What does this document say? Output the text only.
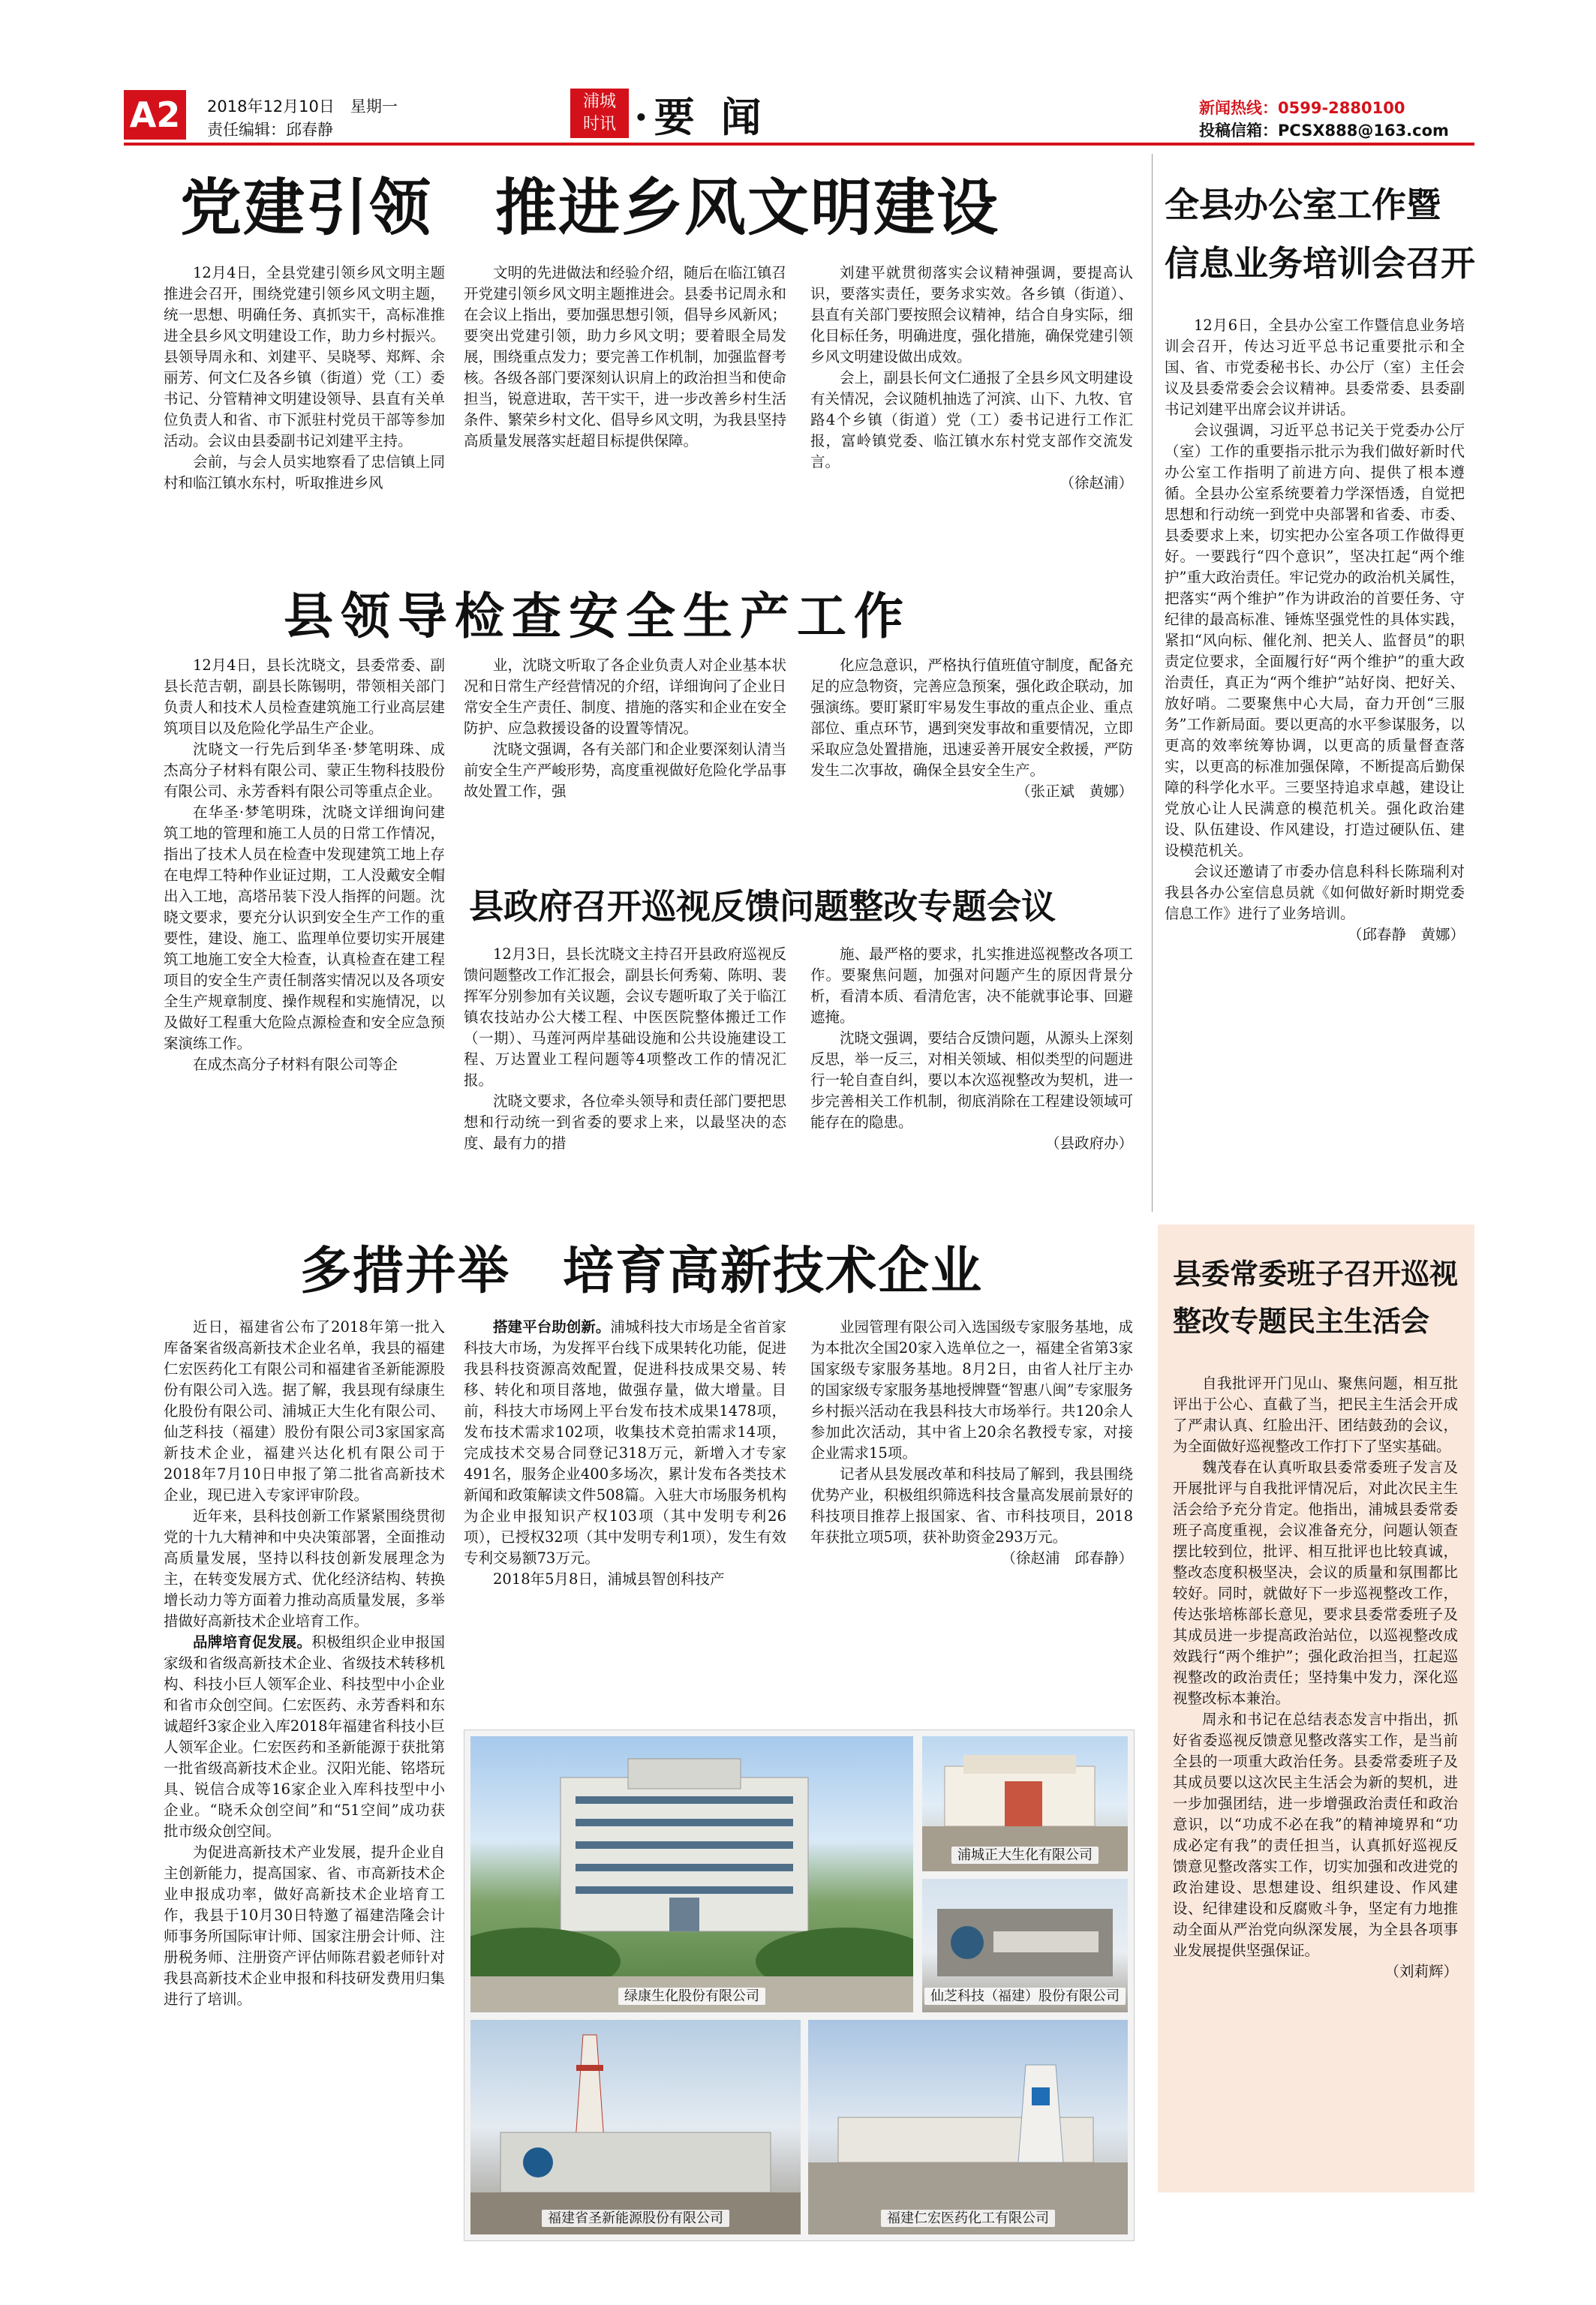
A2 2018年12月10日　星期一
责任编辑：邱春静
浦城
时讯 ·要 闻	新闻热线：0599-2880100
投稿信箱：PCSX888@163.com
党建引领　推进乡风文明建设

12月4日，全县党建引领乡风文明主题推进会召开，围绕党建引领乡风文明主题，统一思想、明确任务、真抓实干，高标准推进全县乡风文明建设工作，助力乡村振兴。县领导周永和、刘建平、吴晓琴、郑辉、余丽芳、何文仁及各乡镇（街道）党（工）委书记、分管精神文明建设领导、县直有关单位负责人和省、市下派驻村党员干部等参加活动。会议由县委副书记刘建平主持。

会前，与会人员实地察看了忠信镇上同村和临江镇水东村，听取推进乡风

文明的先进做法和经验介绍，随后在临江镇召开党建引领乡风文明主题推进会。县委书记周永和在会议上指出，要加强思想引领，倡导乡风新风；要突出党建引领，助力乡风文明；要着眼全局发展，围绕重点发力；要完善工作机制，加强监督考核。各级各部门要深刻认识肩上的政治担当和使命担当，锐意进取，苦干实干，进一步改善乡村生活条件、繁荣乡村文化、倡导乡风文明，为我县坚持高质量发展落实赶超目标提供保障。

刘建平就贯彻落实会议精神强调，要提高认识，要落实责任，要务求实效。各乡镇（街道）、县直有关部门要按照会议精神，结合自身实际，细化目标任务，明确进度，强化措施，确保党建引领乡风文明建设做出成效。

会上，副县长何文仁通报了全县乡风文明建设有关情况，会议随机抽选了河滨、山下、九牧、官路4个乡镇（街道）党（工）委书记进行工作汇报，富岭镇党委、临江镇水东村党支部作交流发言。

（徐赵浦）
县领导检查安全生产工作

12月4日，县长沈晓文，县委常委、副县长范吉朝，副县长陈锡明，带领相关部门负责人和技术人员检查建筑施工行业高层建筑项目以及危险化学品生产企业。

沈晓文一行先后到华圣·梦笔明珠、成杰高分子材料有限公司、蒙正生物科技股份有限公司、永芳香料有限公司等重点企业。

在华圣·梦笔明珠，沈晓文详细询问建筑工地的管理和施工人员的日常工作情况，指出了技术人员在检查中发现建筑工地上存在电焊工特种作业证过期，工人没戴安全帽出入工地，高塔吊装下没人指挥的问题。沈晓文要求，要充分认识到安全生产工作的重要性，建设、施工、监理单位要切实开展建筑工地施工安全大检查，认真检查在建工程项目的安全生产责任制落实情况以及各项安全生产规章制度、操作规程和实施情况，以及做好工程重大危险点源检查和安全应急预案演练工作。

在成杰高分子材料有限公司等企

业，沈晓文听取了各企业负责人对企业基本状况和日常生产经营情况的介绍，详细询问了企业日常安全生产责任、制度、措施的落实和企业在安全防护、应急救援设备的设置等情况。

沈晓文强调，各有关部门和企业要深刻认清当前安全生产严峻形势，高度重视做好危险化学品事故处置工作，强

化应急意识，严格执行值班值守制度，配备充足的应急物资，完善应急预案，强化政企联动，加强演练。要盯紧盯牢易发生事故的重点企业、重点部位、重点环节，遇到突发事故和重要情况，立即采取应急处置措施，迅速妥善开展安全救援，严防发生二次事故，确保全县安全生产。

（张正斌　黄娜）
县政府召开巡视反馈问题整改专题会议

12月3日，县长沈晓文主持召开县政府巡视反馈问题整改工作汇报会，副县长何秀菊、陈明、裴挥军分别参加有关议题，会议专题听取了关于临江镇农技站办公大楼工程、中医医院整体搬迁工作（一期）、马莲河两岸基础设施和公共设施建设工程、万达置业工程问题等4项整改工作的情况汇报。

沈晓文要求，各位牵头领导和责任部门要把思想和行动统一到省委的要求上来，以最坚决的态度、最有力的措

施、最严格的要求，扎实推进巡视整改各项工作。要聚焦问题，加强对问题产生的原因背景分析，看清本质、看清危害，决不能就事论事、回避遮掩。

沈晓文强调，要结合反馈问题，从源头上深刻反思，举一反三，对相关领域、相似类型的问题进行一轮自查自纠，要以本次巡视整改为契机，进一步完善相关工作机制，彻底消除在工程建设领域可能存在的隐患。

（县政府办）
多措并举　培育高新技术企业

近日，福建省公布了2018年第一批入库备案省级高新技术企业名单，我县的福建仁宏医药化工有限公司和福建省圣新能源股份有限公司入选。据了解，我县现有绿康生化股份有限公司、浦城正大生化有限公司、仙芝科技（福建）股份有限公司3家国家高新技术企业，福建兴达化机有限公司于2018年7月10日申报了第二批省高新技术企业，现已进入专家评审阶段。

近年来，县科技创新工作紧紧围绕贯彻党的十九大精神和中央决策部署，全面推动高质量发展，坚持以科技创新发展理念为主，在转变发展方式、优化经济结构、转换增长动力等方面着力推动高质量发展，多举措做好高新技术企业培育工作。

品牌培育促发展。积极组织企业申报国家级和省级高新技术企业、省级技术转移机构、科技小巨人领军企业、科技型中小企业和省市众创空间。仁宏医药、永芳香料和东诚超纤3家企业入库2018年福建省科技小巨人领军企业。仁宏医药和圣新能源于获批第一批省级高新技术企业。汉阳光能、铭塔玩具、锐信合成等16家企业入库科技型中小企业。“晓禾众创空间”和“51空间”成功获批市级众创空间。

为促进高新技术产业发展，提升企业自主创新能力，提高国家、省、市高新技术企业申报成功率，做好高新技术企业培育工作，我县于10月30日特邀了福建浩隆会计师事务所国际审计师、国家注册会计师、注册税务师、注册资产评估师陈君毅老师针对我县高新技术企业申报和科技研发费用归集进行了培训。

搭建平台助创新。浦城科技大市场是全省首家科技大市场，为发挥平台线下成果转化功能，促进我县科技资源高效配置，促进科技成果交易、转移、转化和项目落地，做强存量，做大增量。目前，科技大市场网上平台发布技术成果1478项，发布技术需求102项，收集技术竞拍需求14项，完成技术交易合同登记318万元，新增入才专家491名，服务企业400多场次，累计发布各类技术新闻和政策解读文件508篇。入驻大市场服务机构为企业申报知识产权103项（其中发明专利26项），已授权32项（其中发明专利1项），发生有效专利交易额73万元。

2018年5月8日，浦城县智创科技产

业园管理有限公司入选国级专家服务基地，成为本批次全国20家入选单位之一，福建全省第3家国家级专家服务基地。8月2日，由省人社厅主办的国家级专家服务基地授牌暨“智惠八闽”专家服务乡村振兴活动在我县科技大市场举行。共120余人参加此次活动，其中省上20余名教授专家，对接企业需求15项。

记者从县发展改革和科技局了解到，我县围绕优势产业，积极组织筛选科技含量高发展前景好的科技项目推荐上报国家、省、市科技项目，2018年获批立项5项，获补助资金293万元。

（徐赵浦　邱春静）
绿康生化股份有限公司
浦城正大生化有限公司
仙芝科技（福建）股份有限公司
福建省圣新能源股份有限公司	福建仁宏医药化工有限公司
全县办公室工作暨
信息业务培训会召开

12月6日，全县办公室工作暨信息业务培训会召开，传达习近平总书记重要批示和全国、省、市党委秘书长、办公厅（室）主任会议及县委常委会会议精神。县委常委、县委副书记刘建平出席会议并讲话。

会议强调，习近平总书记关于党委办公厅（室）工作的重要指示批示为我们做好新时代办公室工作指明了前进方向、提供了根本遵循。全县办公室系统要着力学深悟透，自觉把思想和行动统一到党中央部署和省委、市委、县委要求上来，切实把办公室各项工作做得更好。一要践行“四个意识”，坚决扛起“两个维护”重大政治责任。牢记党办的政治机关属性，把落实“两个维护”作为讲政治的首要任务、守纪律的最高标准、锤炼坚强党性的具体实践，紧扣“风向标、催化剂、把关人、监督员”的职责定位要求，全面履行好“两个维护”的重大政治责任，真正为“两个维护”站好岗、把好关、放好哨。二要聚焦中心大局，奋力开创“三服务”工作新局面。要以更高的水平参谋服务，以更高的效率统筹协调，以更高的质量督查落实，以更高的标准加强保障，不断提高后勤保障的科学化水平。三要坚持追求卓越，建设让党放心让人民满意的模范机关。强化政治建设、队伍建设、作风建设，打造过硬队伍、建设模范机关。

会议还邀请了市委办信息科科长陈瑞利对我县各办公室信息员就《如何做好新时期党委信息工作》进行了业务培训。

（邱春静　黄娜）
县委常委班子召开巡视
整改专题民主生活会

自我批评开门见山、聚焦问题，相互批评出于公心、直截了当，把民主生活会开成了严肃认真、红脸出汗、团结鼓劲的会议，为全面做好巡视整改工作打下了坚实基础。

魏茂春在认真听取县委常委班子发言及开展批评与自我批评情况后，对此次民主生活会给予充分肯定。他指出，浦城县委常委班子高度重视，会议准备充分，问题认领查摆比较到位，批评、相互批评也比较真诚，整改态度积极坚决，会议的质量和氛围都比较好。同时，就做好下一步巡视整改工作，传达张培栋部长意见，要求县委常委班子及其成员进一步提高政治站位，以巡视整改成效践行“两个维护”；强化政治担当，扛起巡视整改的政治责任；坚持集中发力，深化巡视整改标本兼治。

周永和书记在总结表态发言中指出，抓好省委巡视反馈意见整改落实工作，是当前全县的一项重大政治任务。县委常委班子及其成员要以这次民主生活会为新的契机，进一步加强团结，进一步增强政治责任和政治意识，以“功成不必在我”的精神境界和“功成必定有我”的责任担当，认真抓好巡视反馈意见整改落实工作，切实加强和改进党的政治建设、思想建设、组织建设、作风建设、纪律建设和反腐败斗争，坚定有力地推动全面从严治党向纵深发展，为全县各项事业发展提供坚强保证。

（刘莉辉）
